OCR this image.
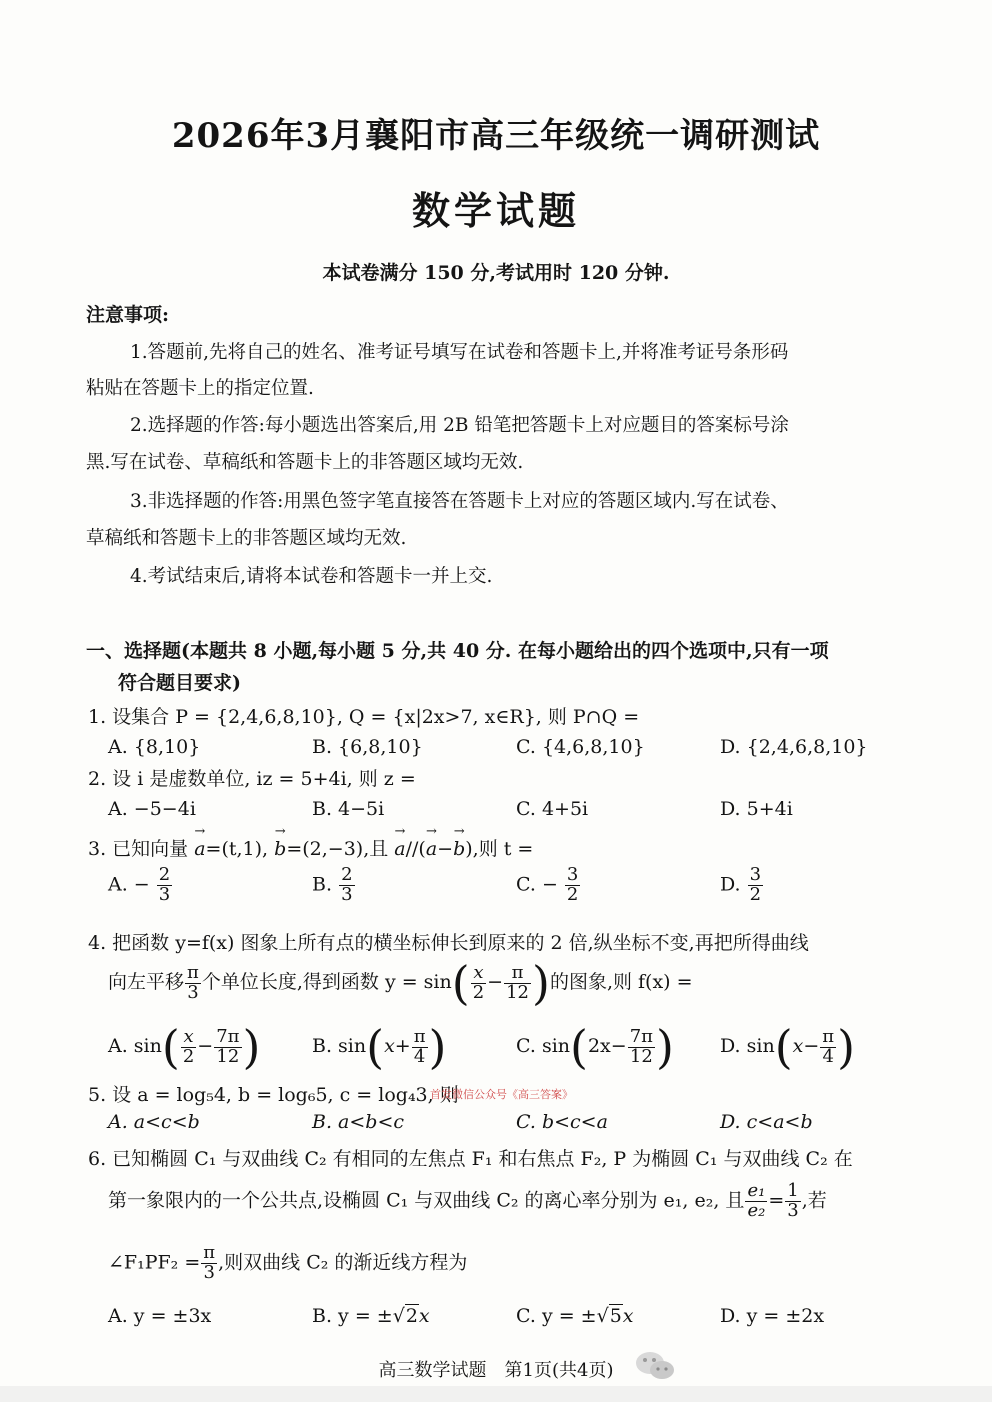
2026年3月襄阳市高三年级统一调研测试
数学试题
本试卷满分 150 分,考试用时 120 分钟.
注意事项:
1.答题前,先将自己的姓名、准考证号填写在试卷和答题卡上,并将准考证号条形码
粘贴在答题卡上的指定位置.
2.选择题的作答:每小题选出答案后,用 2B 铅笔把答题卡上对应题目的答案标号涂
黑.写在试卷、草稿纸和答题卡上的非答题区域均无效.
3.非选择题的作答:用黑色签字笔直接答在答题卡上对应的答题区域内.写在试卷、
草稿纸和答题卡上的非答题区域均无效.
4.考试结束后,请将本试卷和答题卡一并上交.
一、选择题(本题共 8 小题,每小题 5 分,共 40 分. 在每小题给出的四个选项中,只有一项
符合题目要求)
1. 设集合 P = {2,4,6,8,10}, Q = {x|2x>7, x∈R}, 则 P∩Q =
A. {8,10}	B. {6,8,10}	C. {4,6,8,10}	D. {2,4,6,8,10}
2. 设 i 是虚数单位, iz = 5+4i, 则 z =
A. −5−4i	B. 4−5i	C. 4+5i	D. 5+4i
3. 已知向量 → a=(t,1), → b=(2,−3),且 → a//(→ a−→ b),则 t =
A. − $\frac{2}{3}$	B. $\frac{2}{3}$	C. − $\frac{3}{2}$	D. $\frac{3}{2}$
4. 把函数 y=f(x) 图象上所有点的横坐标伸长到原来的 2 倍,纵坐标不变,再把所得曲线
向左平移 $\frac{\pi}{3}$ 个单位长度,得到函数 $y = \sin( \frac{x}{2} - \frac{\pi}{12}$ )的图象,则 f(x) =
A. $\sin( \frac{x}{2} - \frac{7\pi}{12}$ )	B. $\sin(x+ \frac{\pi}{4}$ )	C. $\sin(2x- \frac{7\pi}{12}$ ) D. $\sin(x- \frac{\pi}{4}$ )
5. 设 a = log₅4, b = log₆5, c = log₄3, 则
首发微信公众号《高三答案》
A. a<c<b	B. a<b<c	C. b<c<a	D. c<a<b
6. 已知椭圆 C₁ 与双曲线 C₂ 有相同的左焦点 F₁ 和右焦点 F₂, P 为椭圆 C₁ 与双曲线 C₂ 在
第一象限内的一个公共点,设椭圆 C₁ 与双曲线 C₂ 的离心率分别为 e₁, e₂, 且 $\frac{\text{e₁}}{\text{e₂}} = \frac{1}{3}$ ,若
∠F₁PF₂ = $\frac{\pi}{3}$ ,则双曲线 C₂ 的渐近线方程为
A. y = ±3x	B. y = ±√2x	C. y = ±√5x	D. y = ±2x
高三数学试题　第1页(共4页)
